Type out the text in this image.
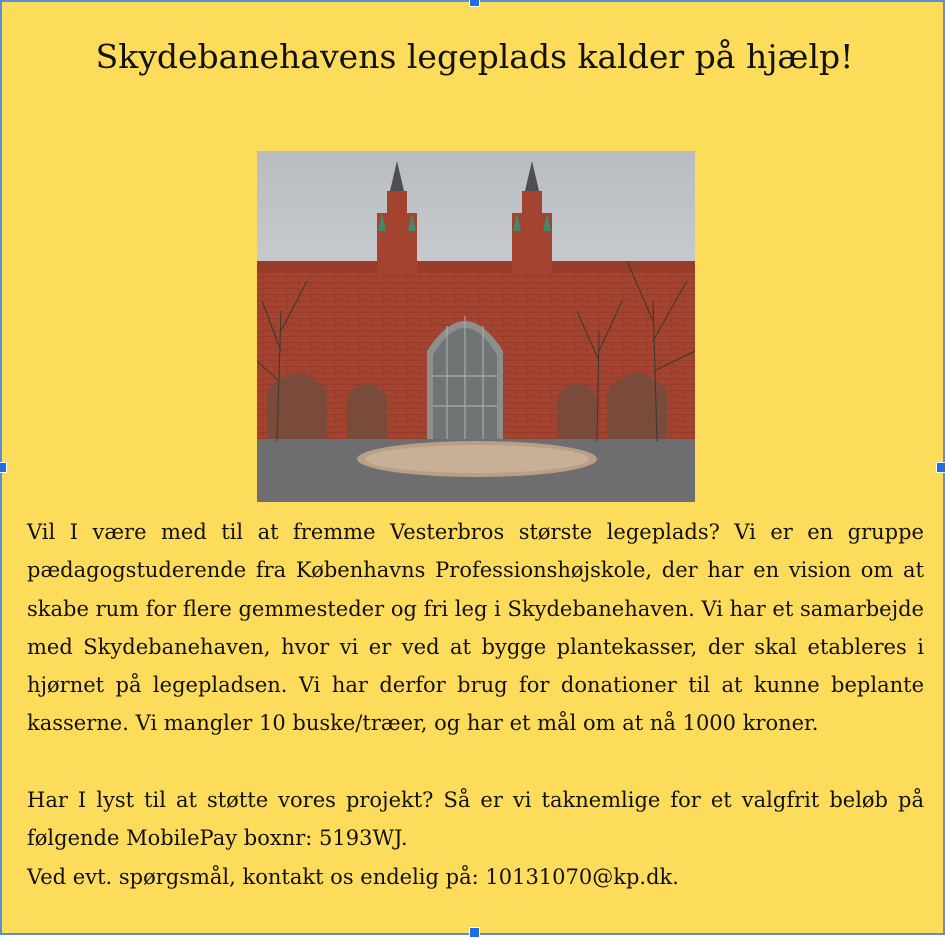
Skydebanehavens legeplads kalder på hjælp!

Vil I være med til at fremme Vesterbros største legeplads? Vi er en gruppe pædagogstuderende fra Københavns Professionshøjskole, der har en vision om at skabe rum for flere gemmesteder og fri leg i Skydebanehaven. Vi har et samarbejde med Skydebanehaven, hvor vi er ved at bygge plantekasser, der skal etableres i hjørnet på legepladsen. Vi har derfor brug for donationer til at kunne beplante kasserne. Vi mangler 10 buske/træer, og har et mål om at nå 1000 kroner.

Har I lyst til at støtte vores projekt? Så er vi taknemlige for et valgfrit beløb på følgende MobilePay boxnr: 5193WJ.

Ved evt. spørgsmål, kontakt os endelig på: 10131070@kp.dk.
